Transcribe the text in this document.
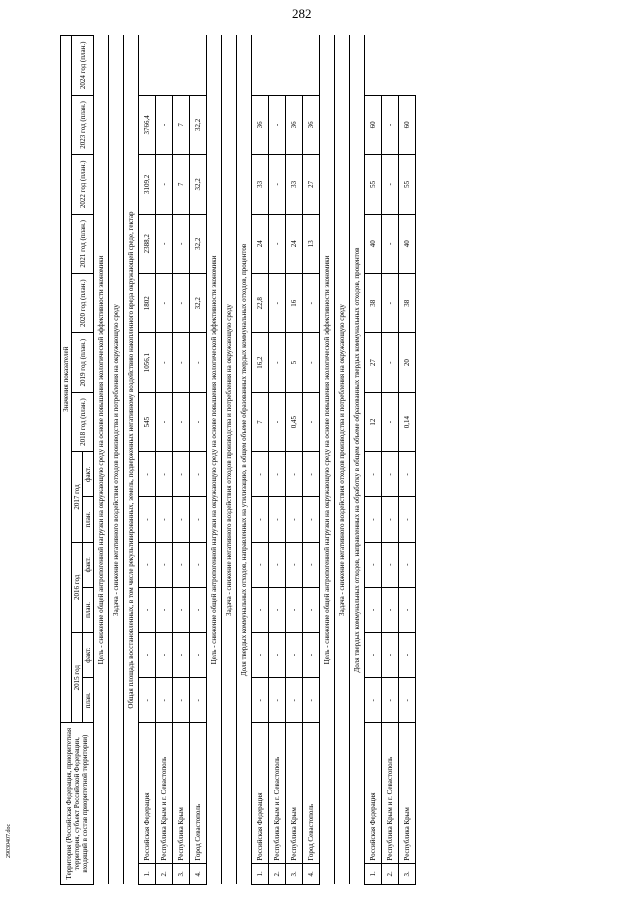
282
29030407.doc	Территория (Российская Федерация, приоритетная территория, субъект Российской Федерации, входящий в состав приоритетной территории)		Значения показателей												
		2015 год		2016 год		2017 год		2018 год (план.)	2019 год (план.)	2020 год (план.)	2021 год (план.)	2022 год (план.)	2023 год (план.)	2024 год (план.)
		план.	факт.	план.	факт.	план.	факт.							
Цель - снижение общей антропогенной нагрузки на окружающую среду на основе повышения экологической эффективности экономики														
Задача - снижение негативного воздействия отходов производства и потребления на окружающую среду														
Общая площадь восстановленных, в том числе рекультивированных, земель, подверженных негативному воздействию накопленного вреда окружающей среде, гектар														
1.	Российская Федерация	-	-	-	-	-	-	545	1056,1	1802	2388,2	3109,2	3766,4	
2.	Республика Крым и г. Севастополь	-	-	-	-	-	-	-	-	-	-	-	-	
3.	Республика Крым	-	-	-	-	-	-	-	-	-	-	7	7	
4.	Город Севастополь	-	-	-	-	-	-	-	-	32,2	32,2	32,2	32,2	
Цель - снижение общей антропогенной нагрузки на окружающую среду на основе повышения экологической эффективности экономики														
Задача - снижение негативного воздействия отходов производства и потребления на окружающую среду														
Доля твердых коммунальных отходов, направленных на утилизацию, в общем объеме образованных твердых коммунальных отходов, процентов														
1.	Российская Федерация	-	-	-	-	-	-	7	16,2	22,8	24	33	36	
2.	Республика Крым и г. Севастополь	-	-	-	-	-	-	-	-	-	-	-	-	
3.	Республика Крым	-	-	-	-	-	-	0,45	5	16	24	33	36	
4.	Город Севастополь	-	-	-	-	-	-	-	-	-	13	27	36	
Цель - снижение общей антропогенной нагрузки на окружающую среду на основе повышения экологической эффективности экономики														
Задача - снижение негативного воздействия отходов производства и потребления на окружающую среду														
Доля твердых коммунальных отходов, направленных на обработку в общем объеме образованных твердых коммунальных отходов, процентов														
1.	Российская Федерация	-	-	-	-	-	-	12	27	38	40	55	60	
2.	Республика Крым и г. Севастополь	-	-	-	-	-	-	-	-	-	-	-	-	
3.	Республика Крым	-	-	-	-	-	-	0,14	20	38	40	55	60	
